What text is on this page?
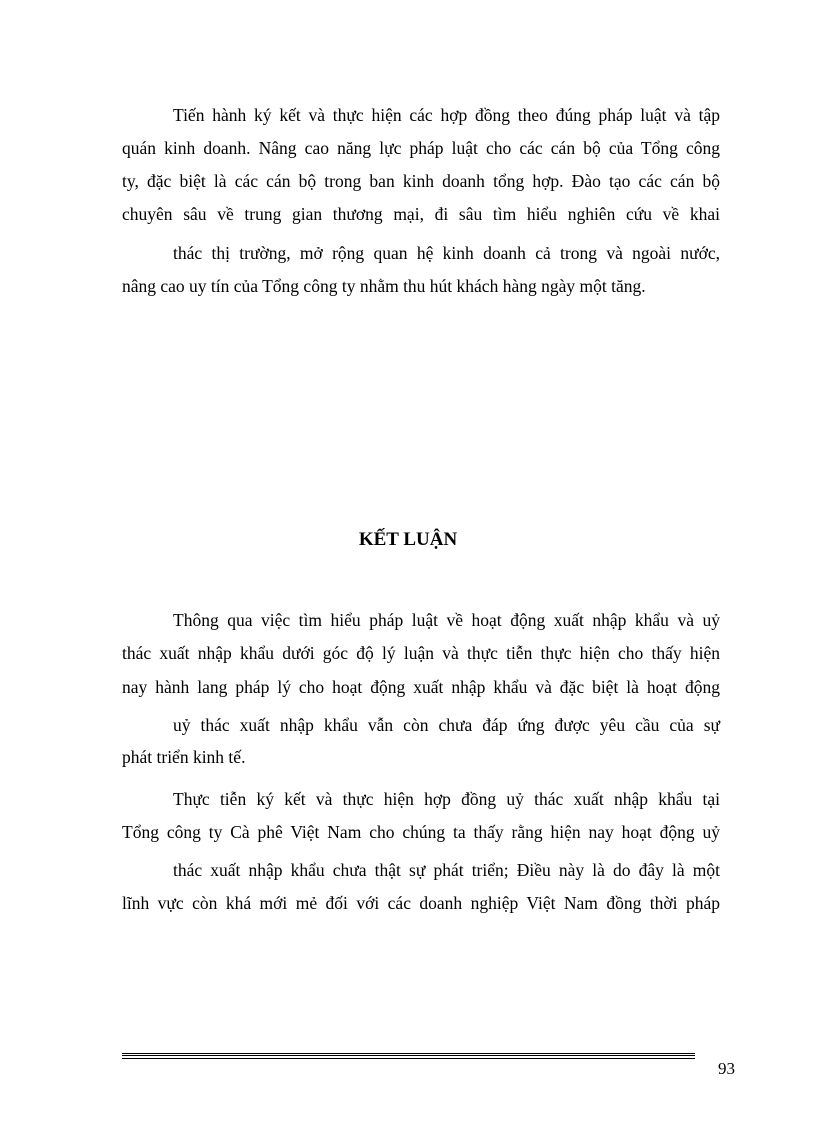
Tiến hành ký kết và thực hiện các hợp đồng theo đúng pháp luật và tập
quán kinh doanh. Nâng cao năng lực pháp luật cho các cán bộ của Tổng công
ty, đặc biệt là các cán bộ trong ban kinh doanh tổng hợp. Đào tạo các cán bộ
chuyên sâu về trung gian thương mại, đi sâu tìm hiểu nghiên cứu về khai
thác thị trường, mở rộng quan hệ kinh doanh cả trong và ngoài nước,
nâng cao uy tín của Tổng công ty nhằm thu hút khách hàng ngày một tăng.
KẾT LUẬN
Thông qua việc tìm hiểu pháp luật về hoạt động xuất nhập khẩu và uỷ
thác xuất nhập khẩu dưới góc độ lý luận và thực tiễn thực hiện cho thấy hiện
nay hành lang pháp lý cho hoạt động xuất nhập khẩu và đặc biệt là hoạt động
uỷ thác xuất nhập khẩu vẫn còn chưa đáp ứng được yêu cầu của sự
phát triển kinh tế.
Thực tiễn ký kết và thực hiện hợp đồng uỷ thác xuất nhập khẩu tại
Tổng công ty Cà phê Việt Nam cho chúng ta thấy rằng hiện nay hoạt động uỷ
thác xuất nhập khẩu chưa thật sự phát triển; Điều này là do đây là một
lĩnh vực còn khá mới mẻ đối với các doanh nghiệp Việt Nam đồng thời pháp
93
